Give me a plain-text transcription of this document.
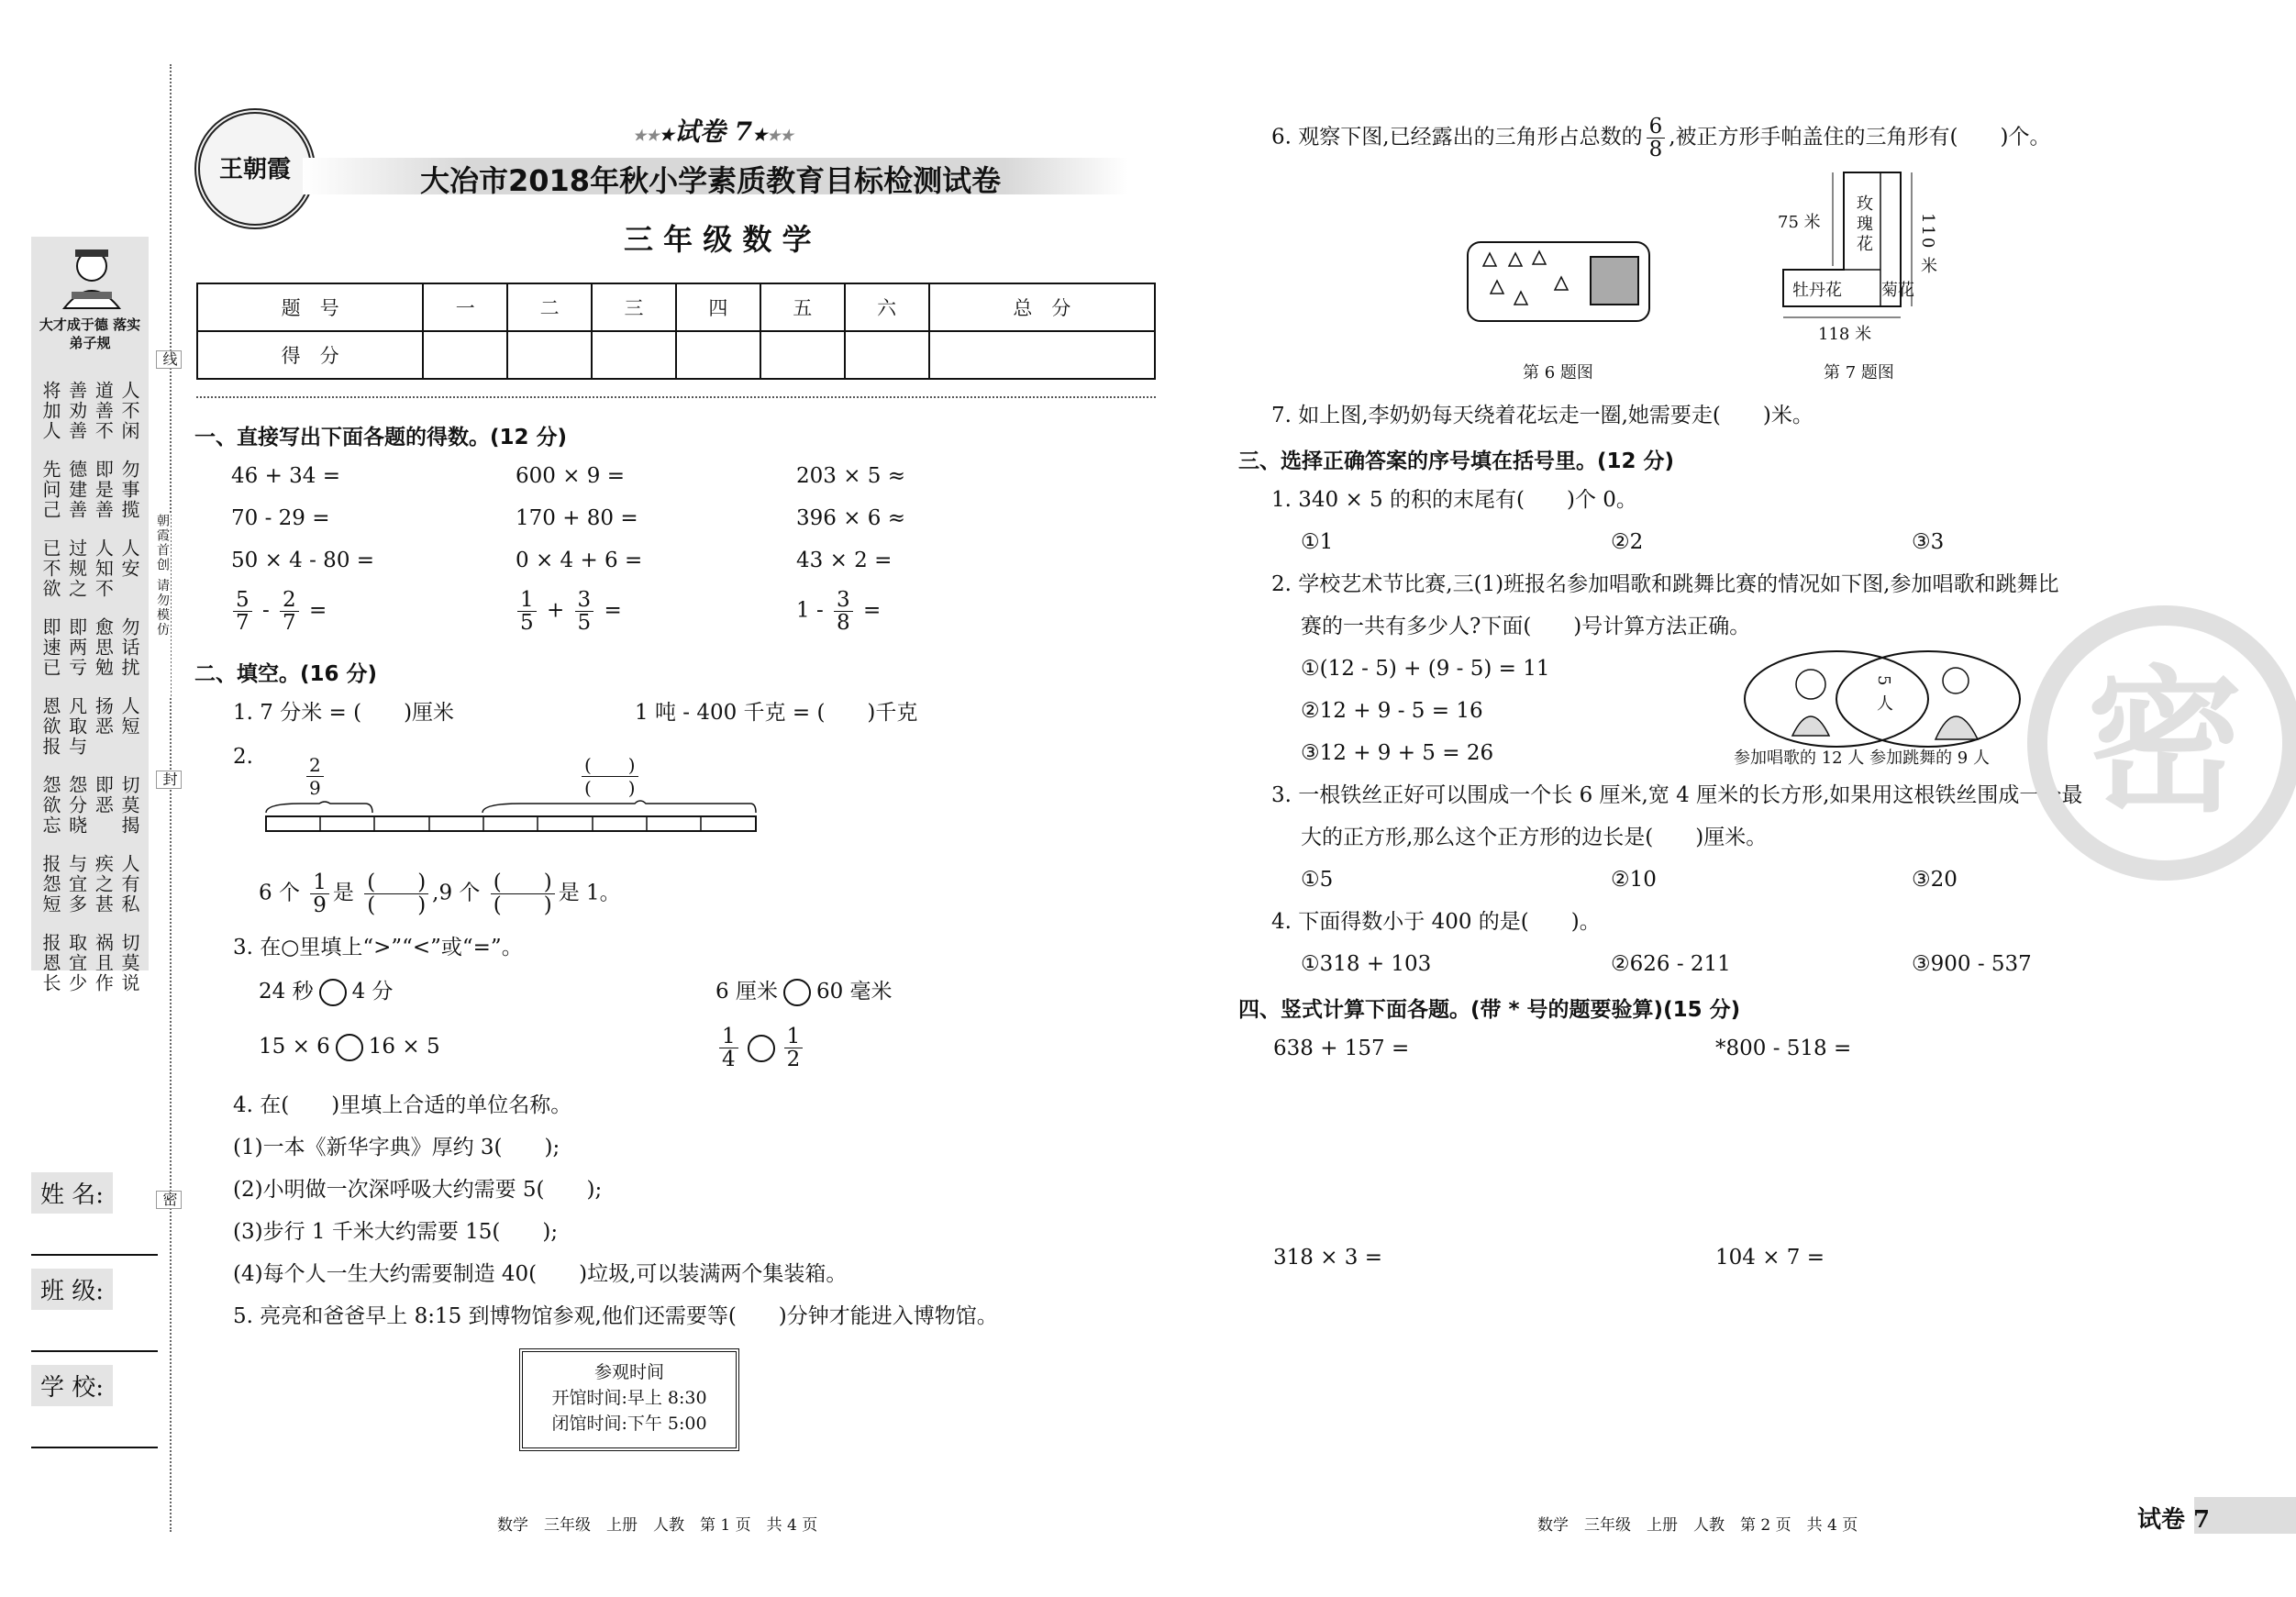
大才成于德 落实弟子规
将加人 善劝善 道善不 人不闲
先问己 德建善 即是善 勿事揽
已不欲 过规之 人知不 人安
即速已 即两亏 愈思勉 勿话扰
恩欲报 凡取与 扬恶 人短
怨欲忘 怨分晓 即恶 切莫揭
报怨短 与宜多 疾之甚 人有私
报恩长 取宜少 祸且作 切莫说
线
朝霞首创 请勿模仿
封
密
姓 名:
班 级:
学 校:
王朝霞
★★★试卷 7★★★
大冶市2018年秋小学素质教育目标检测试卷
三 年 级 数 学
题　号	一	二	三	四	五	六	总　分
得　分							
一、直接写出下面各题的得数。(12 分)
46 + 34 =	600 × 9 =	203 × 5 ≈
70 - 29 =	170 + 80 =	396 × 6 ≈
50 × 4 - 80 =	0 × 4 + 6 =	43 × 2 =
$\frac{5}{7} - \frac{2}{7}$ =	$\frac{1}{5} + \frac{3}{5}$ =	$1 - \frac{3}{8}$ =
二、填空。(16 分)
1. 7 分米 = (　　)厘米	1 吨 - 400 千克 = (　　)千克
2.	$\frac{2}{9}$	$\frac{( )}{( )}$
6 个 $\frac{1}{9}$ 是 $\frac{( )}{( )} ,9$ 个 $\frac{( )}{( )}$ 是 1。
3. 在○里填上“>”“<”或“=”。
24 秒 4 分	6 厘米 60 毫米
15 × 6 16 × 5	$\frac{1}{4} \frac{1}{2}$
4. 在(　　)里填上合适的单位名称。
(1)一本《新华字典》厚约 3(　　);
(2)小明做一次深呼吸大约需要 5(　　);
(3)步行 1 千米大约需要 15(　　);
(4)每个人一生大约需要制造 40(　　)垃圾,可以装满两个集装箱。
5. 亮亮和爸爸早上 8:15 到博物馆参观,他们还需要等(　　)分钟才能进入博物馆。
参观时间
开馆时间:早上 8:30
闭馆时间:下午 5:00
6. 观察下图,已经露出的三角形占总数的 $\frac{6}{8}$ ,被正方形手帕盖住的三角形有(　　)个。
第 6 题图
玫瑰花
牡丹花 菊花
75 米	110 米
118 米
第 7 题图
7. 如上图,李奶奶每天绕着花坛走一圈,她需要走(　　)米。
三、选择正确答案的序号填在括号里。(12 分)
1. 340 × 5 的积的末尾有(　　)个 0。
①1	②2	③3
2. 学校艺术节比赛,三(1)班报名参加唱歌和跳舞比赛的情况如下图,参加唱歌和跳舞比
赛的一共有多少人?下面(　　)号计算方法正确。
①(12 - 5) + (9 - 5) = 11
②12 + 9 - 5 = 16
③12 + 9 + 5 = 26
5 人
参加唱歌的 12 人 参加跳舞的 9 人
3. 一根铁丝正好可以围成一个长 6 厘米,宽 4 厘米的长方形,如果用这根铁丝围成一个最
大的正方形,那么这个正方形的边长是(　　)厘米。
①5	②10	③20
4. 下面得数小于 400 的是(　　)。
①318 + 103	②626 - 211	③900 - 537
四、竖式计算下面各题。(带 * 号的题要验算)(15 分)
638 + 157 =	*800 - 518 =
318 × 3 =	104 × 7 =
密
数学　三年级　上册　人教　第 1 页　共 4 页	数学　三年级　上册　人教　第 2 页　共 4 页	试卷 7
